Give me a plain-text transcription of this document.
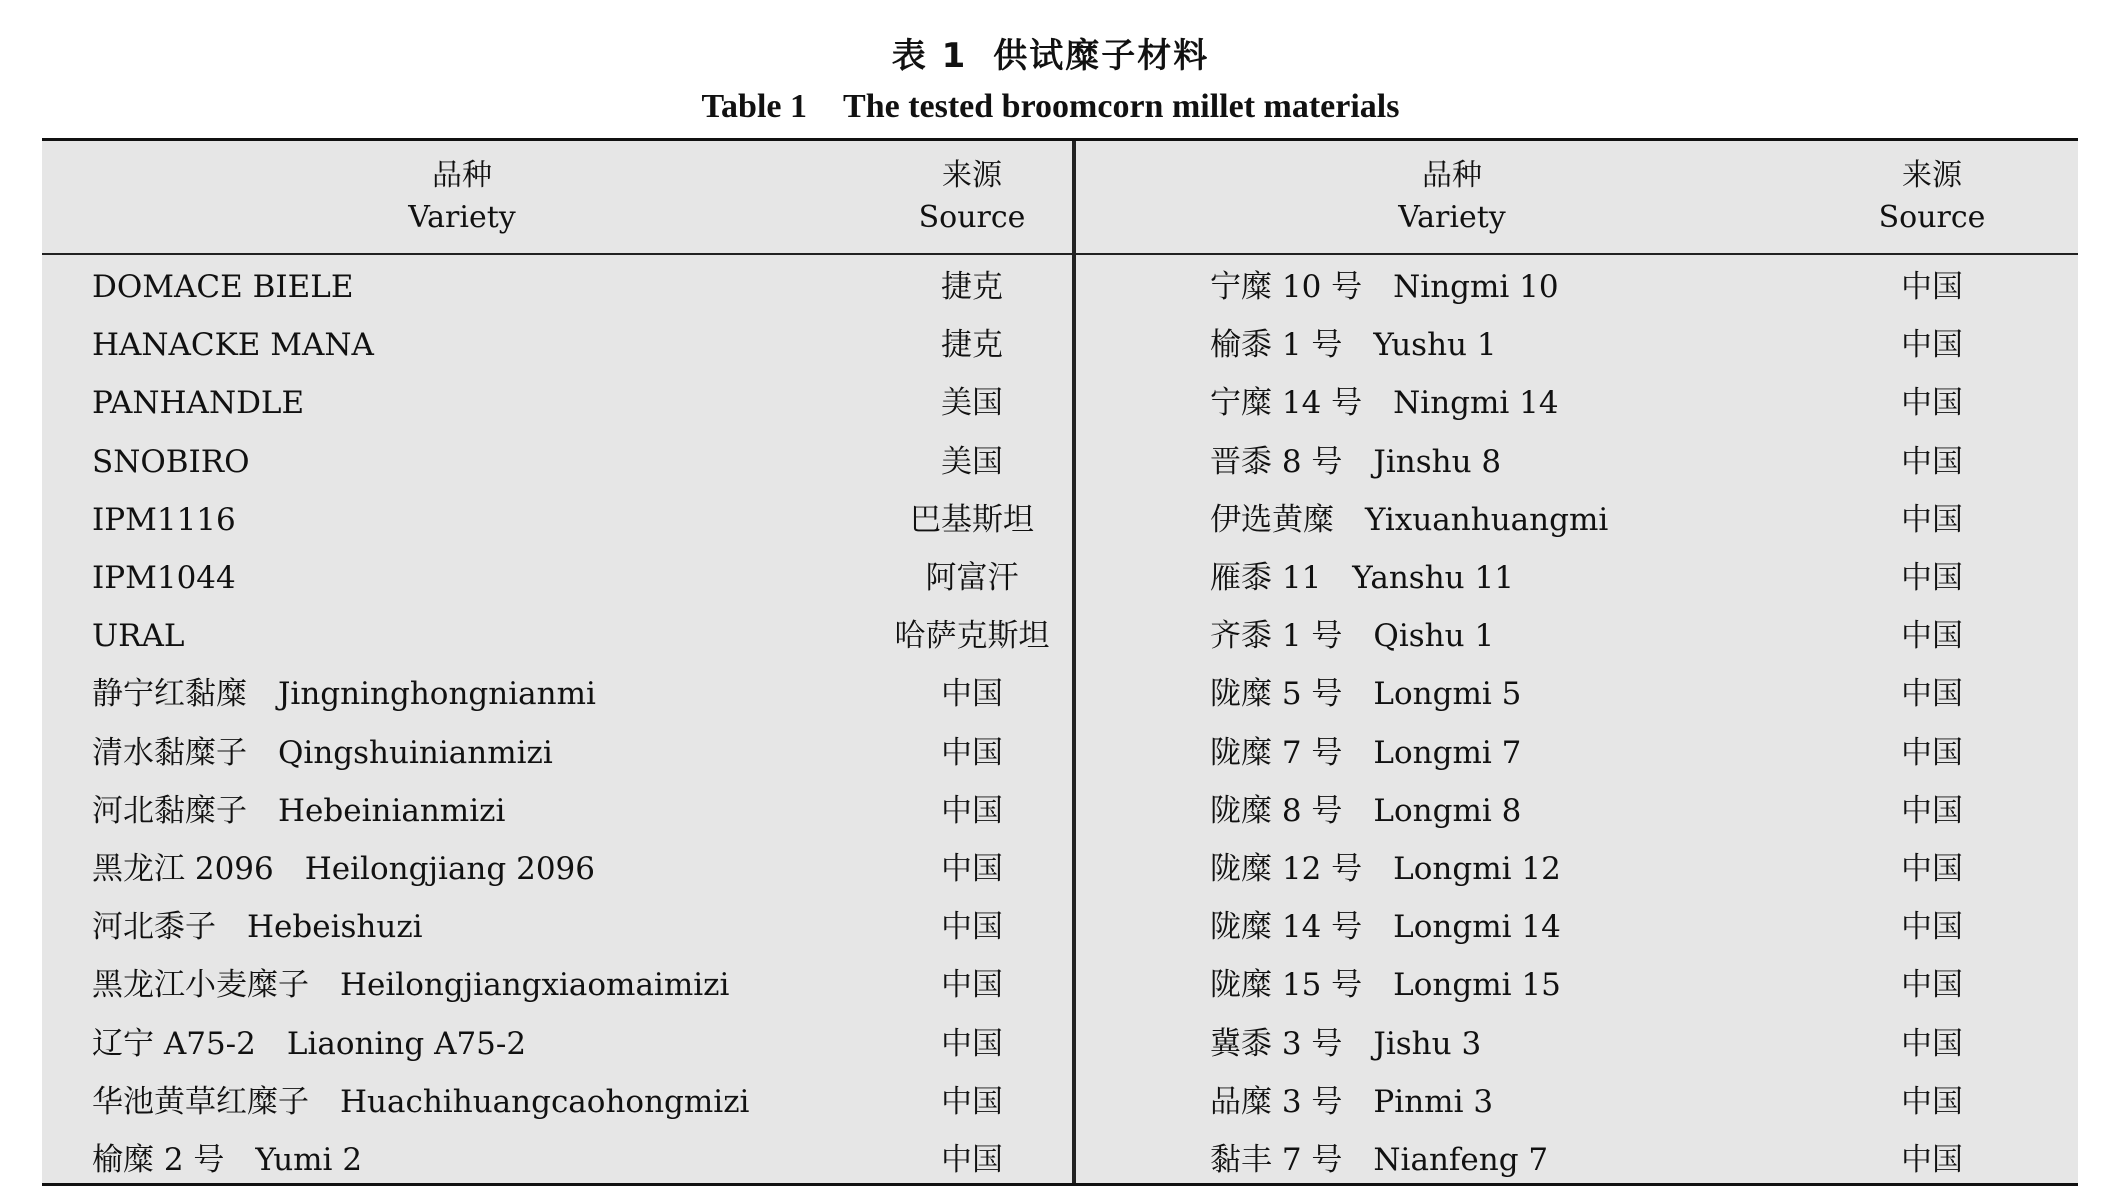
表 1 供试糜子材料
Table 1 The tested broomcorn millet materials
品种
Variety
来源
Source
品种
Variety
来源
Source
DOMACE BIELE	捷克	宁糜 10 号　Ningmi 10	中国
HANACKE MANA	捷克	榆黍 1 号　Yushu 1	中国
PANHANDLE	美国	宁糜 14 号　Ningmi 14	中国
SNOBIRO	美国	晋黍 8 号　Jinshu 8	中国
IPM1116	巴基斯坦	伊选黄糜　Yixuanhuangmi	中国
IPM1044	阿富汗	雁黍 11　Yanshu 11	中国
URAL	哈萨克斯坦	齐黍 1 号　Qishu 1	中国
静宁红黏糜　Jingninghongnianmi	中国	陇糜 5 号　Longmi 5	中国
清水黏糜子　Qingshuinianmizi	中国	陇糜 7 号　Longmi 7	中国
河北黏糜子　Hebeinianmizi	中国	陇糜 8 号　Longmi 8	中国
黑龙江 2096　Heilongjiang 2096	中国	陇糜 12 号　Longmi 12	中国
河北黍子　Hebeishuzi	中国	陇糜 14 号　Longmi 14	中国
黑龙江小麦糜子　Heilongjiangxiaomaimizi	中国	陇糜 15 号　Longmi 15	中国
辽宁 A75-2　Liaoning A75-2	中国	冀黍 3 号　Jishu 3	中国
华池黄草红糜子　Huachihuangcaohongmizi	中国	品糜 3 号　Pinmi 3	中国
榆糜 2 号　Yumi 2	中国	黏丰 7 号　Nianfeng 7	中国
